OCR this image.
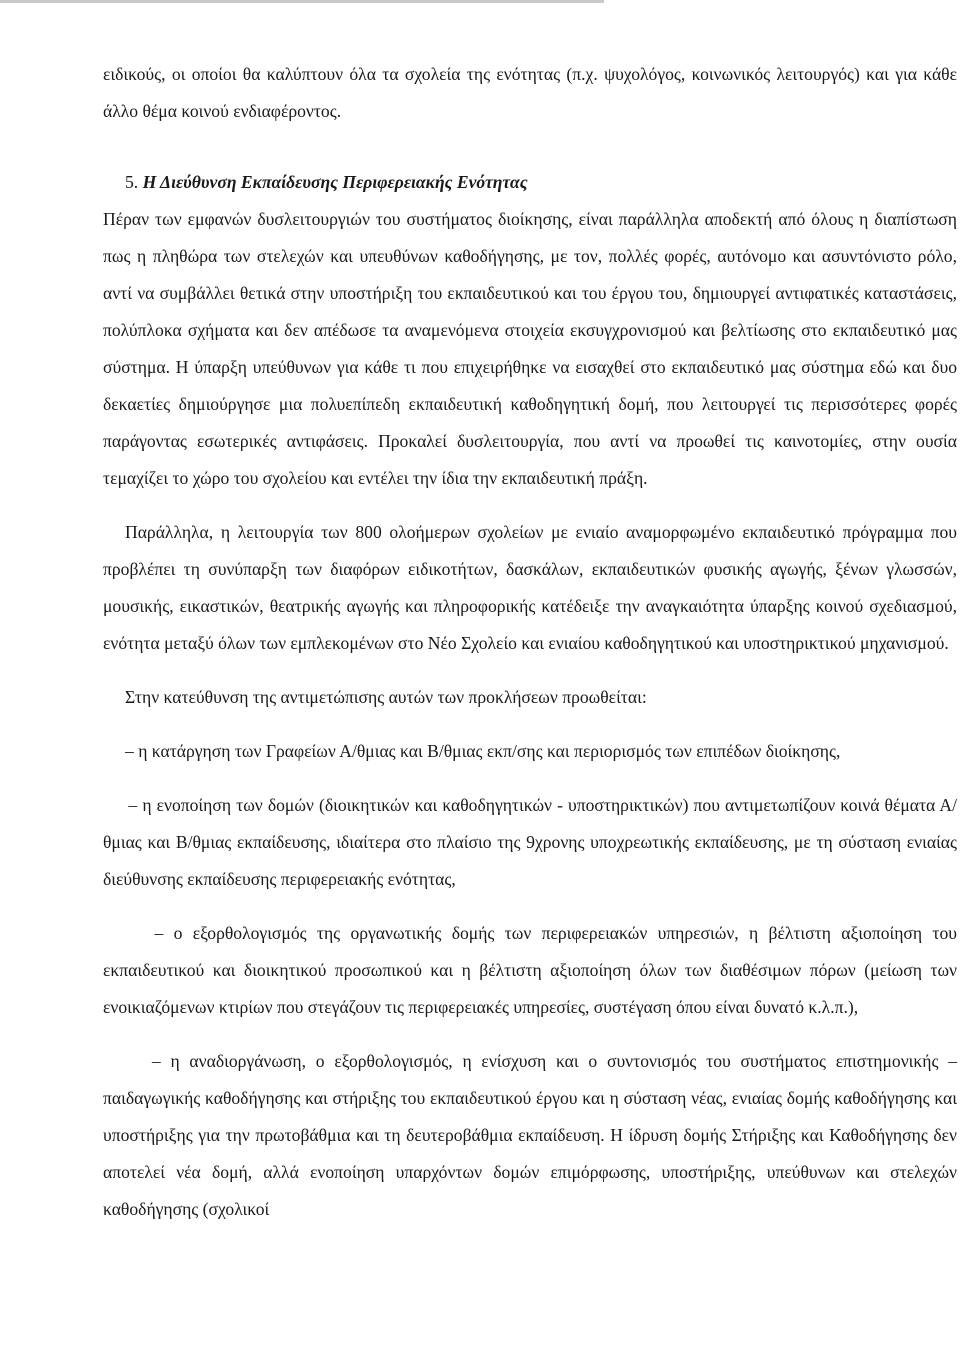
ειδικούς, οι οποίοι θα καλύπτουν όλα τα σχολεία της ενότητας (π.χ. ψυχολόγος, κοινωνικός λειτουργός) και για κάθε άλλο θέμα κοινού ενδιαφέροντος.

5. Η Διεύθυνση Εκπαίδευσης Περιφερειακής Ενότητας

Πέραν των εμφανών δυσλειτουργιών του συστήματος διοίκησης, είναι παράλληλα αποδεκτή από όλους η διαπίστωση πως η πληθώρα των στελεχών και υπευθύνων καθοδήγησης, με τον, πολλές φορές, αυτόνομο και ασυντόνιστο ρόλο, αντί να συμβάλλει θετικά στην υποστήριξη του εκπαιδευτικού και του έργου του, δημιουργεί αντιφατικές καταστάσεις, πολύπλοκα σχήματα και δεν απέδωσε τα αναμενόμενα στοιχεία εκσυγχρονισμού και βελτίωσης στο εκπαιδευτικό μας σύστημα. Η ύπαρξη υπεύθυνων για κάθε τι που επιχειρήθηκε να εισαχθεί στο εκπαιδευτικό μας σύστημα εδώ και δυο δεκαετίες δημιούργησε μια πολυεπίπεδη εκπαιδευτική καθοδηγητική δομή, που λειτουργεί τις περισσότερες φορές παράγοντας εσωτερικές αντιφάσεις. Προκαλεί δυσλειτουργία, που αντί να προωθεί τις καινοτομίες, στην ουσία τεμαχίζει το χώρο του σχολείου και εντέλει την ίδια την εκπαιδευτική πράξη.

Παράλληλα, η λειτουργία των 800 ολοήμερων σχολείων με ενιαίο αναμορφωμένο εκπαιδευτικό πρόγραμμα που προβλέπει τη συνύπαρξη των διαφόρων ειδικοτήτων, δασκάλων, εκπαιδευτικών φυσικής αγωγής, ξένων γλωσσών, μουσικής, εικαστικών, θεατρικής αγωγής και πληροφορικής κατέδειξε την αναγκαιότητα ύπαρξης κοινού σχεδιασμού, ενότητα μεταξύ όλων των εμπλεκομένων στο Νέο Σχολείο και ενιαίου καθοδηγητικού και υποστηρικτικού μηχανισμού.

Στην κατεύθυνση της αντιμετώπισης αυτών των προκλήσεων προωθείται:

– η κατάργηση των Γραφείων Α/θμιας και Β/θμιας εκπ/σης και περιορισμός των επιπέδων διοίκησης,

– η ενοποίηση των δομών (διοικητικών και καθοδηγητικών - υποστηρικτικών) που αντιμετωπίζουν κοινά θέματα Α/θμιας και Β/θμιας εκπαίδευσης, ιδιαίτερα στο πλαίσιο της 9χρονης υποχρεωτικής εκπαίδευσης, με τη σύσταση ενιαίας διεύθυνσης εκπαίδευσης περιφερειακής ενότητας,

– ο εξορθολογισμός της οργανωτικής δομής των περιφερειακών υπηρεσιών, η βέλτιστη αξιοποίηση του εκπαιδευτικού και διοικητικού προσωπικού και η βέλτιστη αξιοποίηση όλων των διαθέσιμων πόρων (μείωση των ενοικιαζόμενων κτιρίων που στεγάζουν τις περιφερειακές υπηρεσίες, συστέγαση όπου είναι δυνατό κ.λ.π.),

– η αναδιοργάνωση, ο εξορθολογισμός, η ενίσχυση και ο συντονισμός του συστήματος επιστημονικής – παιδαγωγικής καθοδήγησης και στήριξης του εκπαιδευτικού έργου και η σύσταση νέας, ενιαίας δομής καθοδήγησης και υποστήριξης για την πρωτοβάθμια και τη δευτεροβάθμια εκπαίδευση. Η ίδρυση δομής Στήριξης και Καθοδήγησης δεν αποτελεί νέα δομή, αλλά ενοποίηση υπαρχόντων δομών επιμόρφωσης, υποστήριξης, υπεύθυνων και στελεχών καθοδήγησης (σχολικοί
